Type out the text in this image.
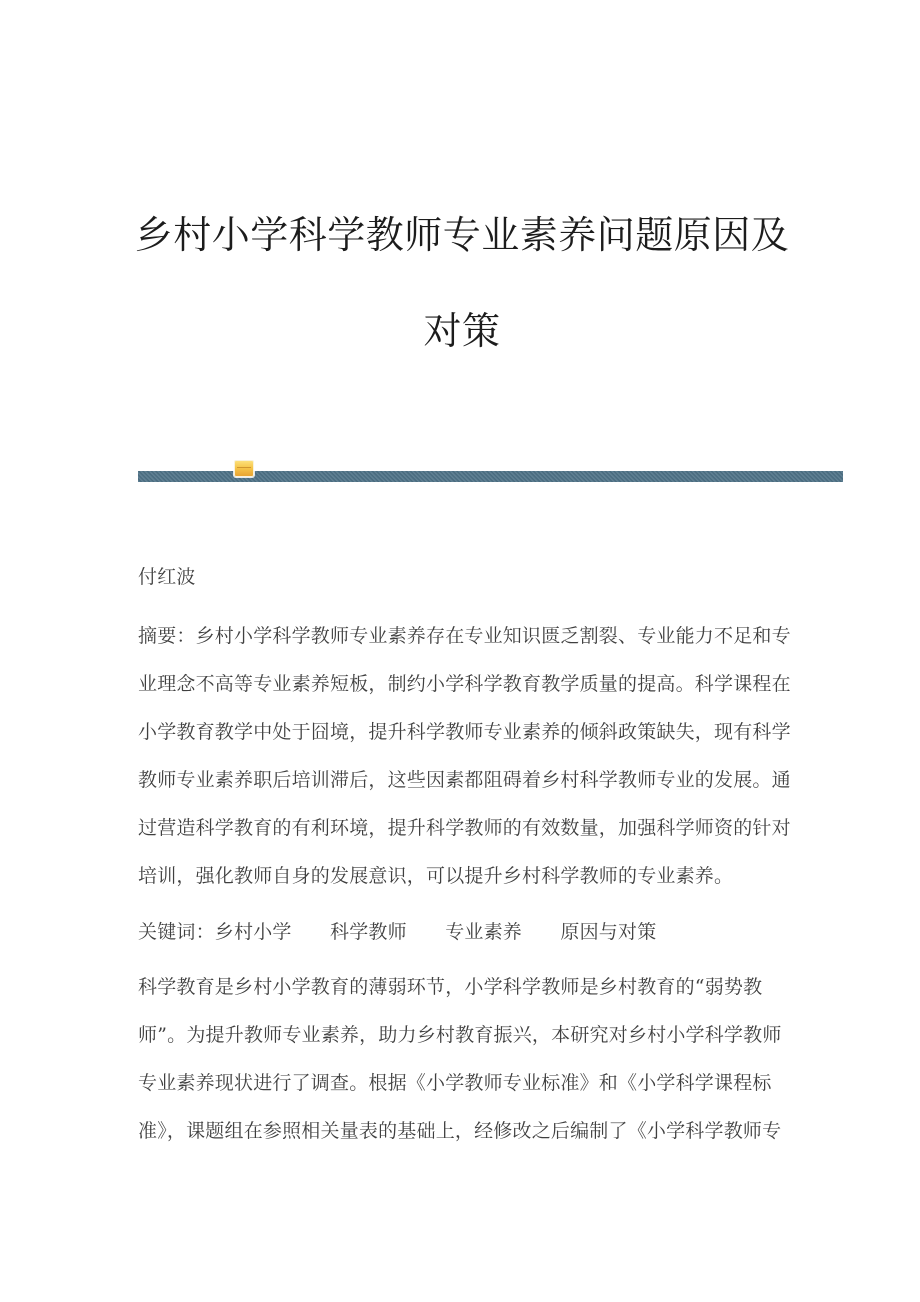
乡村小学科学教师专业素养问题原因及
对策
付红波
摘要：乡村小学科学教师专业素养存在专业知识匮乏割裂、专业能力不足和专
业理念不高等专业素养短板，制约小学科学教育教学质量的提高。科学课程在
小学教育教学中处于囧境，提升科学教师专业素养的倾斜政策缺失，现有科学
教师专业素养职后培训滞后，这些因素都阻碍着乡村科学教师专业的发展。通
过营造科学教育的有利环境，提升科学教师的有效数量，加强科学师资的针对
培训，强化教师自身的发展意识，可以提升乡村科学教师的专业素养。
关键词：乡村小学　　科学教师　　专业素养　　原因与对策
科学教育是乡村小学教育的薄弱环节，小学科学教师是乡村教育的“弱势教
师”。为提升教师专业素养，助力乡村教育振兴，本研究对乡村小学科学教师
专业素养现状进行了调查。根据《小学教师专业标准》和《小学科学课程标
准》，课题组在参照相关量表的基础上，经修改之后编制了《小学科学教师专
